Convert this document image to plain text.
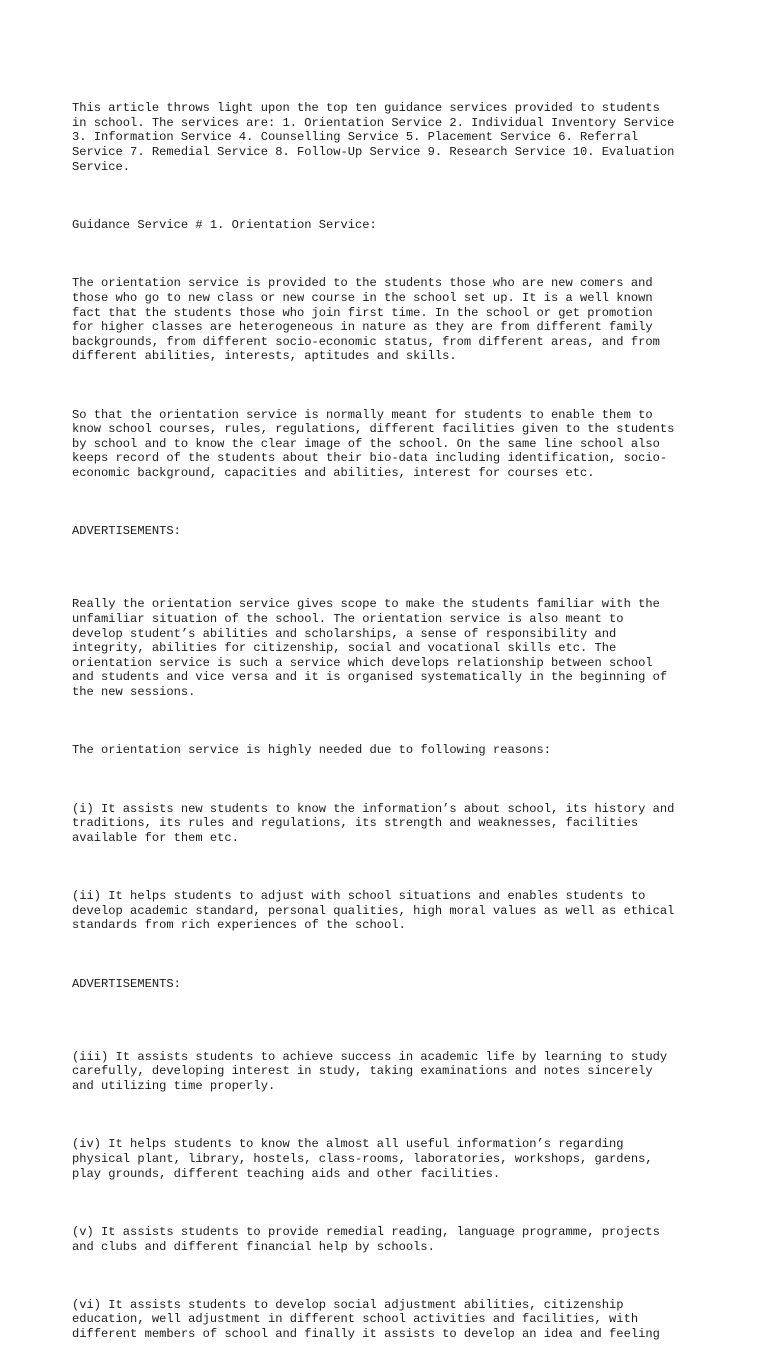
This article throws light upon the top ten guidance services provided to students
in school. The services are: 1. Orientation Service 2. Individual Inventory Service
3. Information Service 4. Counselling Service 5. Placement Service 6. Referral
Service 7. Remedial Service 8. Follow-Up Service 9. Research Service 10. Evaluation
Service.

Guidance Service # 1. Orientation Service:

The orientation service is provided to the students those who are new comers and
those who go to new class or new course in the school set up. It is a well known
fact that the students those who join first time. In the school or get promotion
for higher classes are heterogeneous in nature as they are from different family
backgrounds, from different socio-economic status, from different areas, and from
different abilities, interests, aptitudes and skills.

So that the orientation service is normally meant for students to enable them to
know school courses, rules, regulations, different facilities given to the students
by school and to know the clear image of the school. On the same line school also
keeps record of the students about their bio-data including identification, socio-
economic background, capacities and abilities, interest for courses etc.

ADVERTISEMENTS:

Really the orientation service gives scope to make the students familiar with the
unfamiliar situation of the school. The orientation service is also meant to
develop student’s abilities and scholarships, a sense of responsibility and
integrity, abilities for citizenship, social and vocational skills etc. The
orientation service is such a service which develops relationship between school
and students and vice versa and it is organised systematically in the beginning of
the new sessions.

The orientation service is highly needed due to following reasons:

(i) It assists new students to know the information’s about school, its history and
traditions, its rules and regulations, its strength and weaknesses, facilities
available for them etc.

(ii) It helps students to adjust with school situations and enables students to
develop academic standard, personal qualities, high moral values as well as ethical
standards from rich experiences of the school.

ADVERTISEMENTS:

(iii) It assists students to achieve success in academic life by learning to study
carefully, developing interest in study, taking examinations and notes sincerely
and utilizing time properly.

(iv) It helps students to know the almost all useful information’s regarding
physical plant, library, hostels, class-rooms, laboratories, workshops, gardens,
play grounds, different teaching aids and other facilities.

(v) It assists students to provide remedial reading, language programme, projects
and clubs and different financial help by schools.

(vi) It assists students to develop social adjustment abilities, citizenship
education, well adjustment in different school activities and facilities, with
different members of school and finally it assists to develop an idea and feeling
